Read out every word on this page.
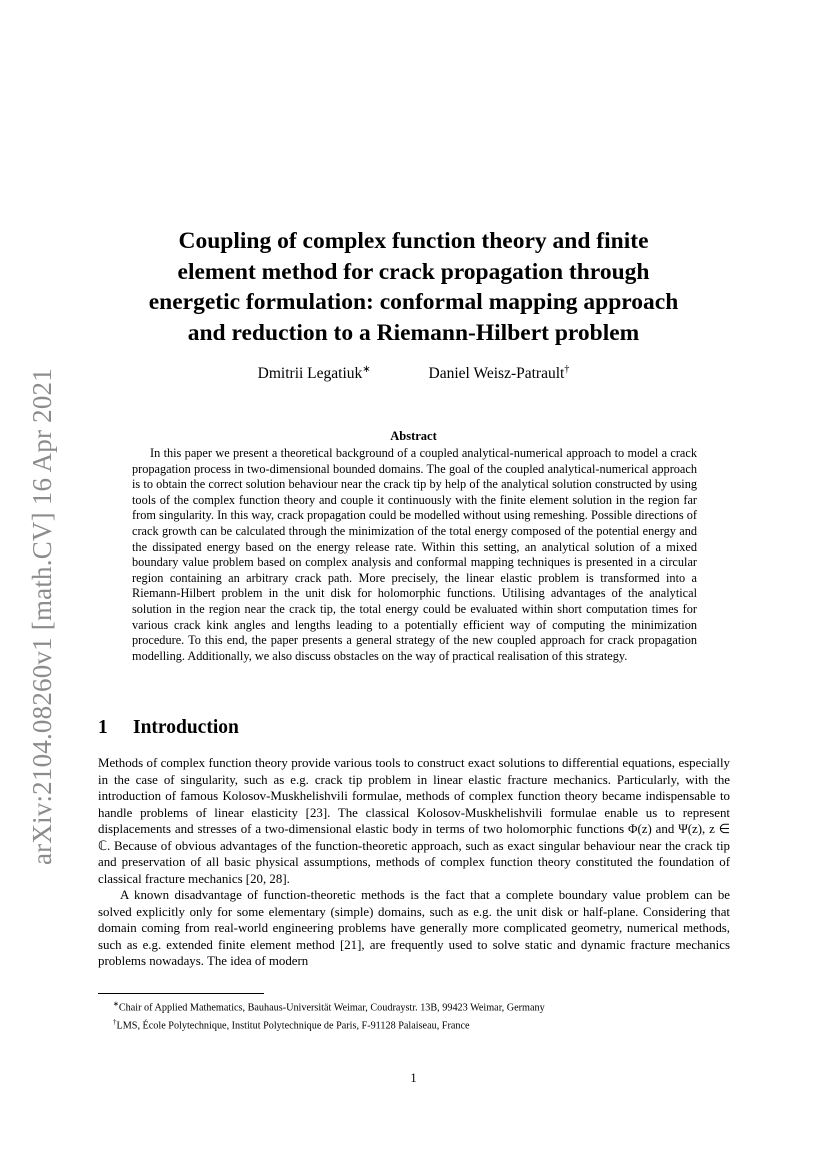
arXiv:2104.08260v1 [math.CV] 16 Apr 2021
Coupling of complex function theory and finite
element method for crack propagation through
energetic formulation: conformal mapping approach
and reduction to a Riemann-Hilbert problem
Dmitrii Legatiuk∗	Daniel Weisz-Patrault†
Abstract
In this paper we present a theoretical background of a coupled analytical-numerical approach to model a crack propagation process in two-dimensional bounded domains. The goal of the coupled analytical-numerical approach is to obtain the correct solution behaviour near the crack tip by help of the analytical solution constructed by using tools of the complex function theory and couple it continuously with the finite element solution in the region far from singularity. In this way, crack propagation could be modelled without using remeshing. Possible directions of crack growth can be calculated through the minimization of the total energy composed of the potential energy and the dissipated energy based on the energy release rate. Within this setting, an analytical solution of a mixed boundary value problem based on complex analysis and conformal mapping techniques is presented in a circular region containing an arbitrary crack path. More precisely, the linear elastic problem is transformed into a Riemann-Hilbert problem in the unit disk for holomorphic functions. Utilising advantages of the analytical solution in the region near the crack tip, the total energy could be evaluated within short computation times for various crack kink angles and lengths leading to a potentially efficient way of computing the minimization procedure. To this end, the paper presents a general strategy of the new coupled approach for crack propagation modelling. Additionally, we also discuss obstacles on the way of practical realisation of this strategy.
1 Introduction

Methods of complex function theory provide various tools to construct exact solutions to differential equations, especially in the case of singularity, such as e.g. crack tip problem in linear elastic fracture mechanics. Particularly, with the introduction of famous Kolosov-Muskhelishvili formulae, methods of complex function theory became indispensable to handle problems of linear elasticity [23]. The classical Kolosov-Muskhelishvili formulae enable us to represent displacements and stresses of a two-dimensional elastic body in terms of two holomorphic functions Φ(z) and Ψ(z), z ∈ ℂ. Because of obvious advantages of the function-theoretic approach, such as exact singular behaviour near the crack tip and preservation of all basic physical assumptions, methods of complex function theory constituted the foundation of classical fracture mechanics [20, 28].

A known disadvantage of function-theoretic methods is the fact that a complete boundary value problem can be solved explicitly only for some elementary (simple) domains, such as e.g. the unit disk or half-plane. Considering that domain coming from real-world engineering problems have generally more complicated geometry, numerical methods, such as e.g. extended finite element method [21], are frequently used to solve static and dynamic fracture mechanics problems nowadays. The idea of modern

∗Chair of Applied Mathematics, Bauhaus-Universität Weimar, Coudraystr. 13B, 99423 Weimar, Germany
†LMS, École Polytechnique, Institut Polytechnique de Paris, F-91128 Palaiseau, France
1
